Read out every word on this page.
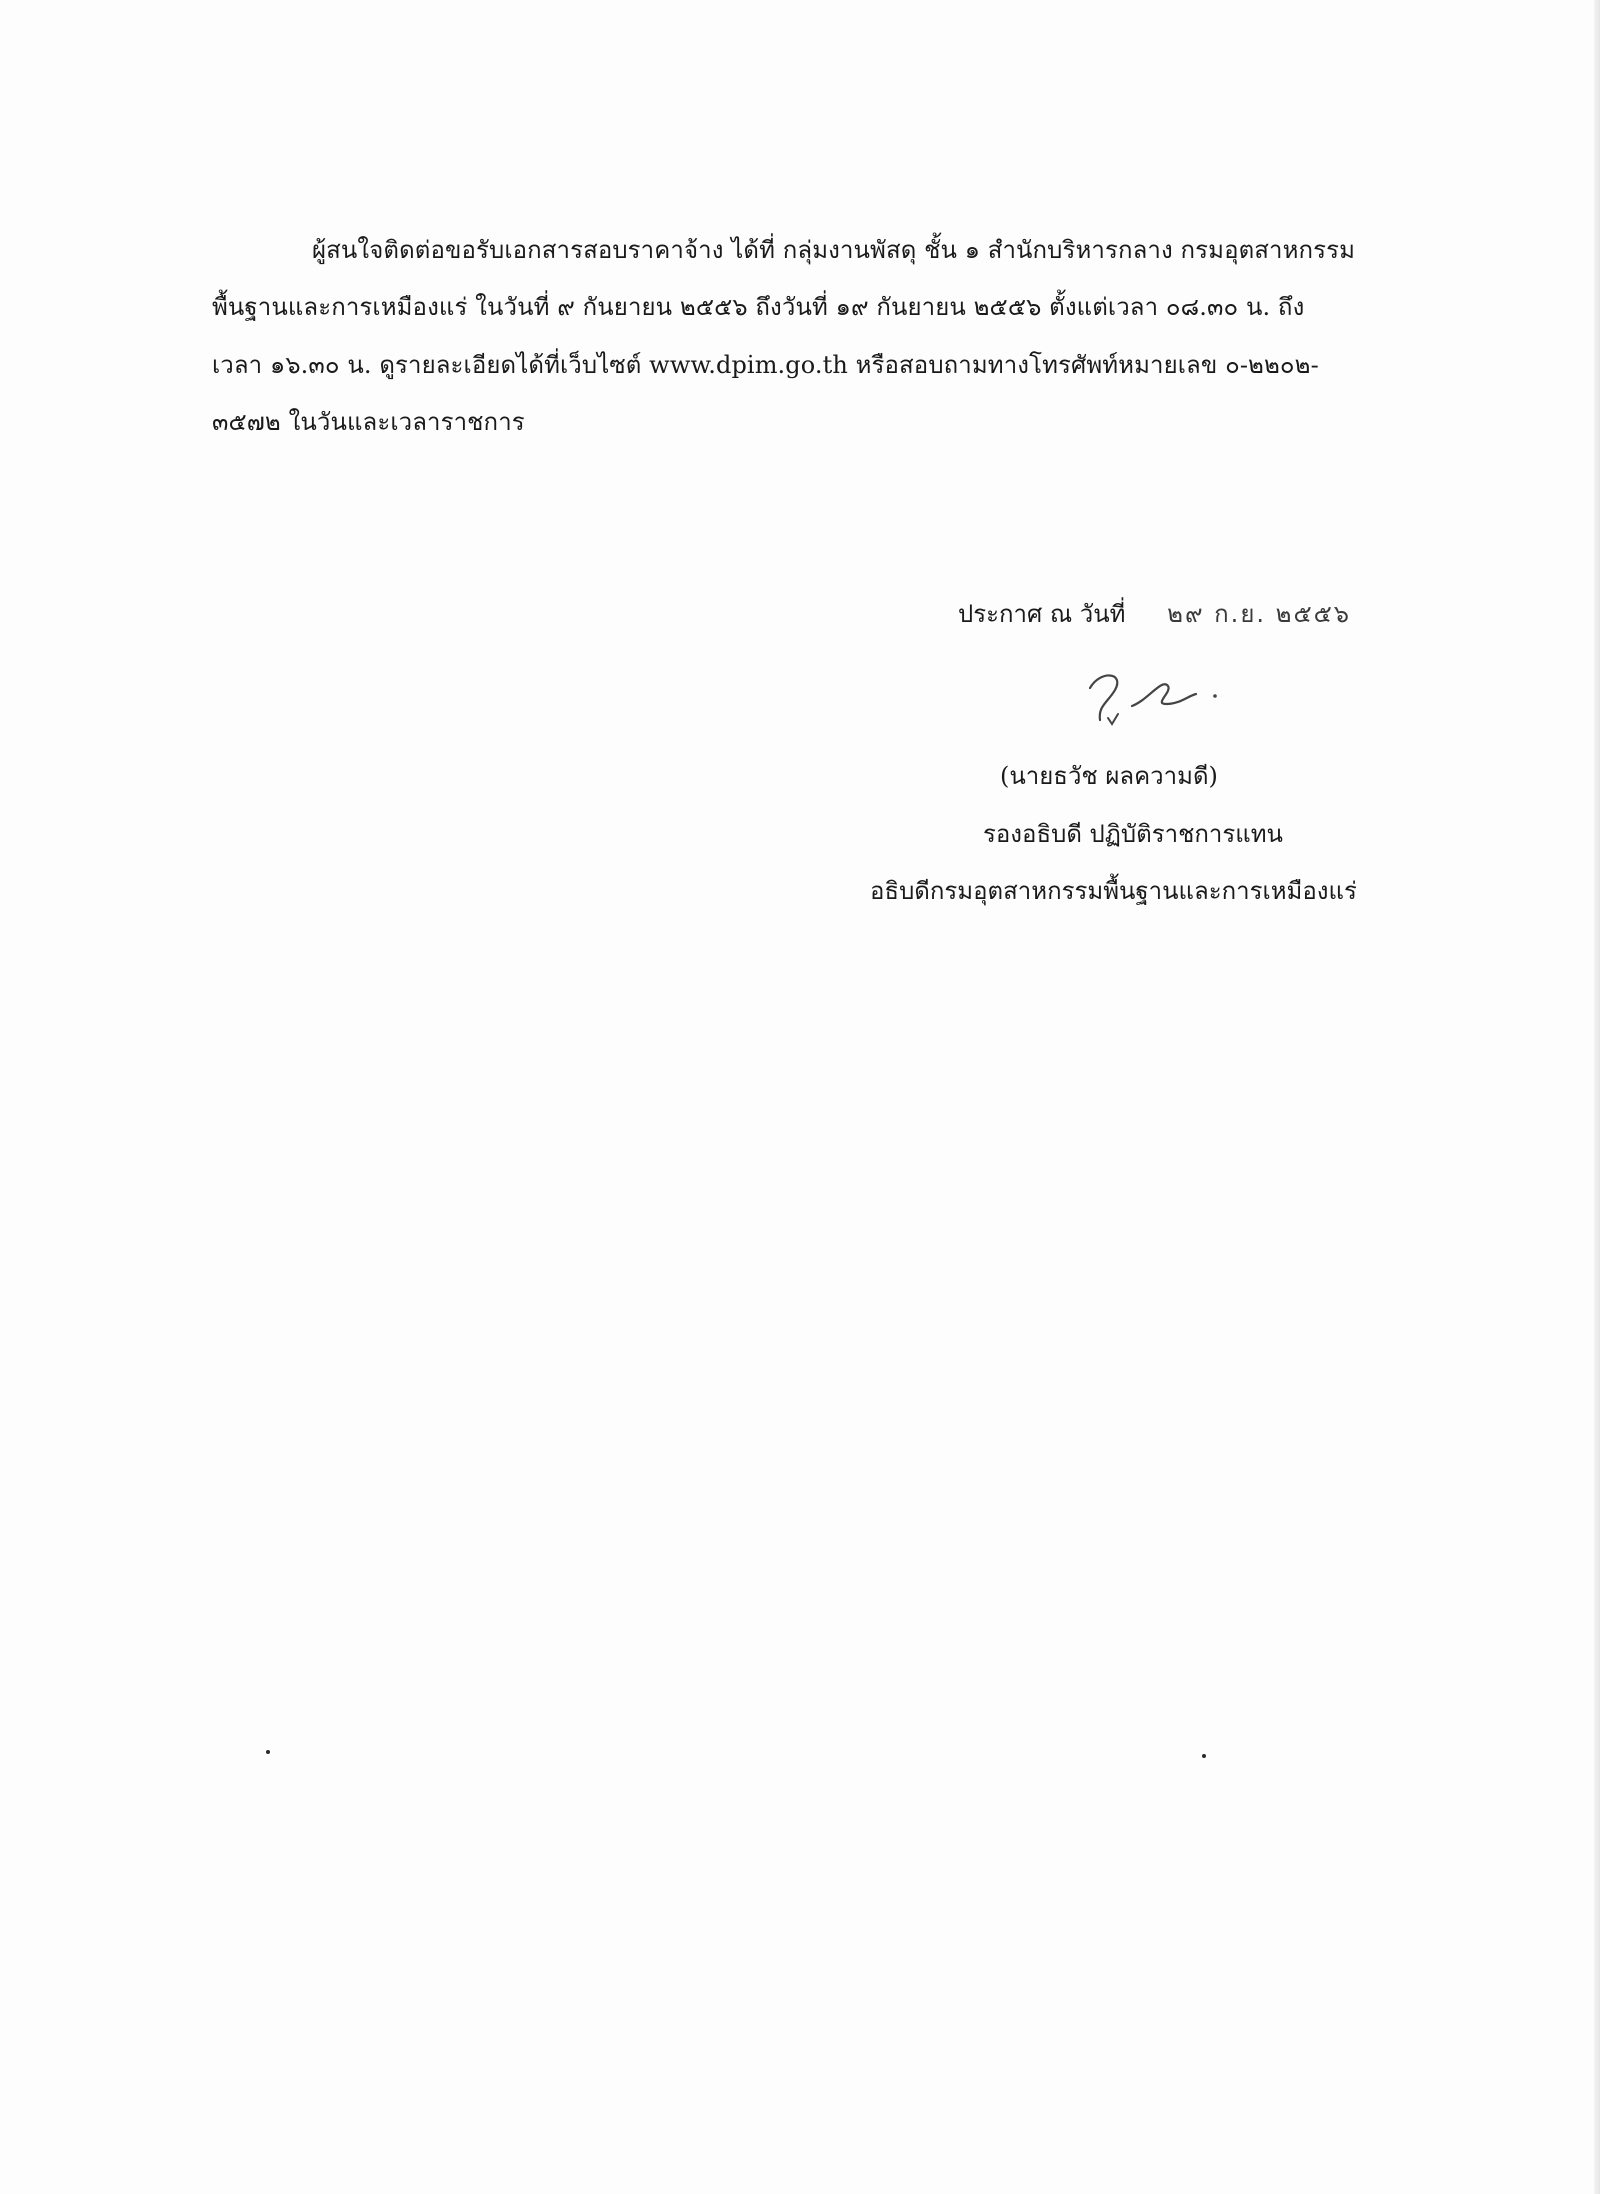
ผู้สนใจติดต่อขอรับเอกสารสอบราคาจ้าง ได้ที่ กลุ่มงานพัสดุ ชั้น ๑ สำนักบริหารกลาง กรมอุตสาหกรรม
พื้นฐานและการเหมืองแร่ ในวันที่ ๙ กันยายน ๒๕๕๖ ถึงวันที่ ๑๙ กันยายน ๒๕๕๖ ตั้งแต่เวลา ๐๘.๓๐ น. ถึง
เวลา ๑๖.๓๐ น. ดูรายละเอียดได้ที่เว็บไซต์ www.dpim.go.th หรือสอบถามทางโทรศัพท์หมายเลข ๐-๒๒๐๒-
๓๕๗๒ ในวันและเวลาราชการ
ประกาศ ณ วันที่ ๒๙ ก.ย. ๒๕๕๖
(นายธวัช ผลความดี)
รองอธิบดี ปฏิบัติราชการแทน
อธิบดีกรมอุตสาหกรรมพื้นฐานและการเหมืองแร่
